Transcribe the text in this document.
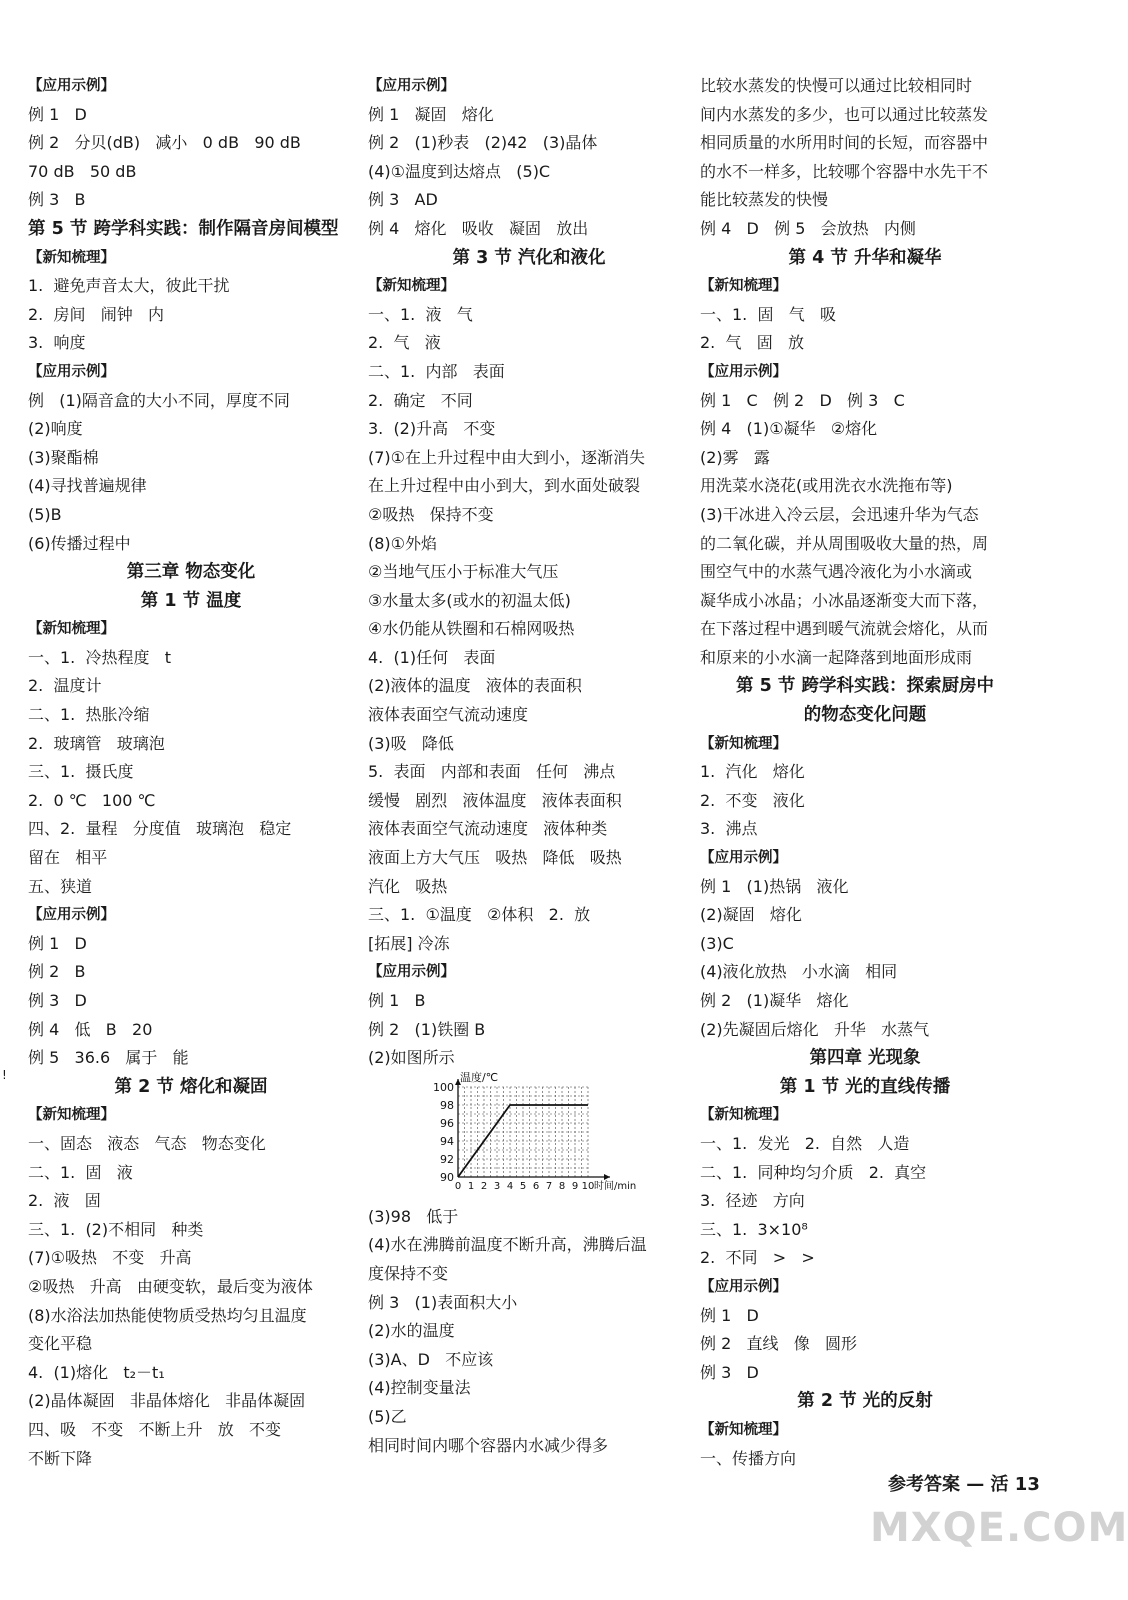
【应用示例】
例 1   D
例 2   分贝(dB)   减小   0 dB   90 dB
70 dB   50 dB
例 3   B
第 5 节 跨学科实践：制作隔音房间模型
【新知梳理】
1.  避免声音太大，彼此干扰
2.  房间   闹钟   内
3.  响度
【应用示例】
例   (1)隔音盒的大小不同，厚度不同
(2)响度
(3)聚酯棉
(4)寻找普遍规律
(5)B
(6)传播过程中
第三章 物态变化
第 1 节 温度
【新知梳理】
一、1.  冷热程度   t
2.  温度计
二、1.  热胀冷缩
2.  玻璃管   玻璃泡
三、1.  摄氏度
2.  0 ℃   100 ℃
四、2.  量程   分度值   玻璃泡   稳定
留在   相平
五、狭道
【应用示例】
例 1   D
例 2   B
例 3   D
例 4   低   B   20
例 5   36.6   属于   能
第 2 节 熔化和凝固
【新知梳理】
一、固态   液态   气态   物态变化
二、1.  固   液
2.  液   固
三、1.  (2)不相同   种类
(7)①吸热   不变   升高
②吸热   升高   由硬变软，最后变为液体
(8)水浴法加热能使物质受热均匀且温度
变化平稳
4.  (1)熔化   t₂－t₁
(2)晶体凝固   非晶体熔化   非晶体凝固
四、吸   不变   不断上升   放   不变
不断下降
【应用示例】
例 1   凝固   熔化
例 2   (1)秒表   (2)42   (3)晶体
(4)①温度到达熔点   (5)C
例 3   AD
例 4   熔化   吸收   凝固   放出
第 3 节 汽化和液化
【新知梳理】
一、1.  液   气
2.  气   液
二、1.  内部   表面
2.  确定   不同
3.  (2)升高   不变
(7)①在上升过程中由大到小，逐渐消失
在上升过程中由小到大，到水面处破裂
②吸热   保持不变
(8)①外焰
②当地气压小于标准大气压
③水量太多(或水的初温太低)
④水仍能从铁圈和石棉网吸热
4.  (1)任何   表面
(2)液体的温度   液体的表面积
液体表面空气流动速度
(3)吸   降低
5.  表面   内部和表面   任何   沸点
缓慢   剧烈   液体温度   液体表面积
液体表面空气流动速度   液体种类
液面上方大气压   吸热   降低   吸热
汽化   吸热
三、1.  ①温度   ②体积   2.  放
[拓展] 冷冻
【应用示例】
例 1   B
例 2   (1)铁圈 B
(2)如图所示
90
92
94
96
98
100
0 1 2 3 4 5 6 7 8 9 10
温度/℃
时间/min
(3)98   低于
(4)水在沸腾前温度不断升高，沸腾后温
度保持不变
例 3   (1)表面积大小
(2)水的温度
(3)A、D   不应该
(4)控制变量法
(5)乙
相同时间内哪个容器内水减少得多
比较水蒸发的快慢可以通过比较相同时
间内水蒸发的多少，也可以通过比较蒸发
相同质量的水所用时间的长短，而容器中
的水不一样多，比较哪个容器中水先干不
能比较蒸发的快慢
例 4   D   例 5   会放热   内侧
第 4 节 升华和凝华
【新知梳理】
一、1.  固   气   吸
2.  气   固   放
【应用示例】
例 1   C   例 2   D   例 3   C
例 4   (1)①凝华   ②熔化
(2)雾   露
用洗菜水浇花(或用洗衣水洗拖布等)
(3)干冰进入冷云层，会迅速升华为气态
的二氧化碳，并从周围吸收大量的热，周
围空气中的水蒸气遇冷液化为小水滴或
凝华成小冰晶；小冰晶逐渐变大而下落，
在下落过程中遇到暖气流就会熔化，从而
和原来的小水滴一起降落到地面形成雨
第 5 节 跨学科实践：探索厨房中
的物态变化问题
【新知梳理】
1.  汽化   熔化
2.  不变   液化
3.  沸点
【应用示例】
例 1   (1)热锅   液化
(2)凝固   熔化
(3)C
(4)液化放热   小水滴   相同
例 2   (1)凝华   熔化
(2)先凝固后熔化   升华   水蒸气
第四章 光现象
第 1 节 光的直线传播
【新知梳理】
一、1.  发光   2.  自然   人造
二、1.  同种均匀介质   2.  真空
3.  径迹   方向
三、1.  3×10⁸
2.  不同   >   >
【应用示例】
例 1   D
例 2   直线   像   圆形
例 3   D
第 2 节 光的反射
【新知梳理】
一、传播方向
!
参考答案 — 活 13
MXQE.COM
